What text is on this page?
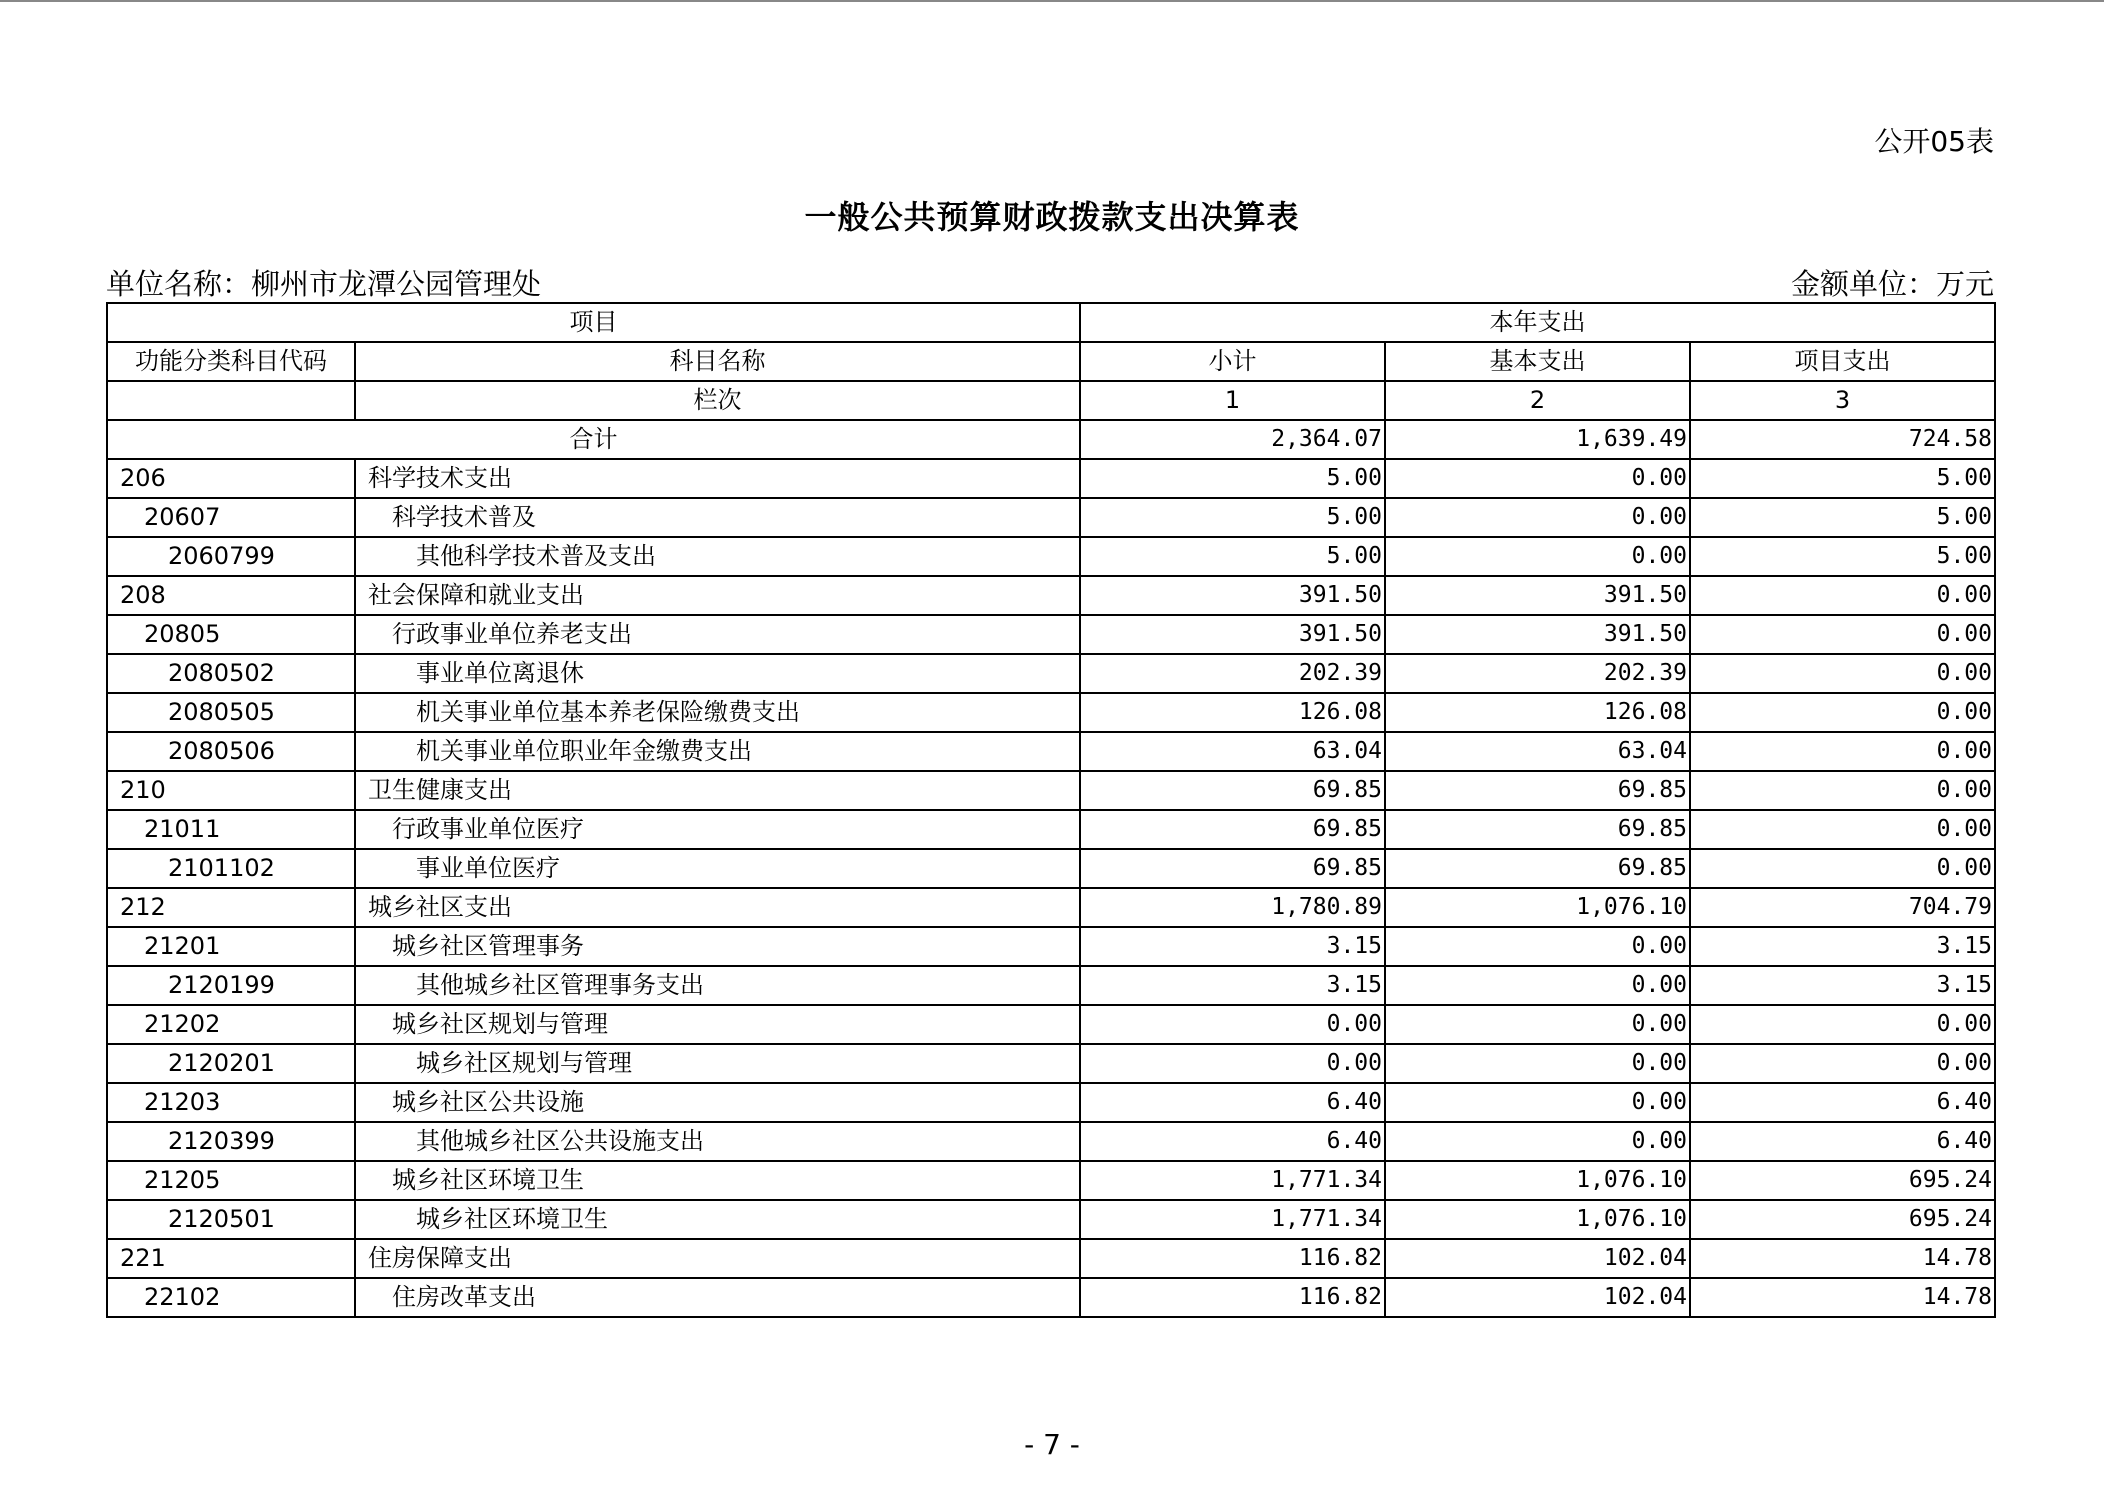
公开05表
一般公共预算财政拨款支出决算表
单位名称：柳州市龙潭公园管理处	金额单位：万元
项目		本年支出		
功能分类科目代码	科目名称	小计	基本支出	项目支出
	栏次	1	2	3
合计		2,364.07	1,639.49	724.58
206	科学技术支出	5.00	0.00	5.00
20607	科学技术普及	5.00	0.00	5.00
2060799	其他科学技术普及支出	5.00	0.00	5.00
208	社会保障和就业支出	391.50	391.50	0.00
20805	行政事业单位养老支出	391.50	391.50	0.00
2080502	事业单位离退休	202.39	202.39	0.00
2080505	机关事业单位基本养老保险缴费支出	126.08	126.08	0.00
2080506	机关事业单位职业年金缴费支出	63.04	63.04	0.00
210	卫生健康支出	69.85	69.85	0.00
21011	行政事业单位医疗	69.85	69.85	0.00
2101102	事业单位医疗	69.85	69.85	0.00
212	城乡社区支出	1,780.89	1,076.10	704.79
21201	城乡社区管理事务	3.15	0.00	3.15
2120199	其他城乡社区管理事务支出	3.15	0.00	3.15
21202	城乡社区规划与管理	0.00	0.00	0.00
2120201	城乡社区规划与管理	0.00	0.00	0.00
21203	城乡社区公共设施	6.40	0.00	6.40
2120399	其他城乡社区公共设施支出	6.40	0.00	6.40
21205	城乡社区环境卫生	1,771.34	1,076.10	695.24
2120501	城乡社区环境卫生	1,771.34	1,076.10	695.24
221	住房保障支出	116.82	102.04	14.78
22102	住房改革支出	116.82	102.04	14.78
- 7 -
